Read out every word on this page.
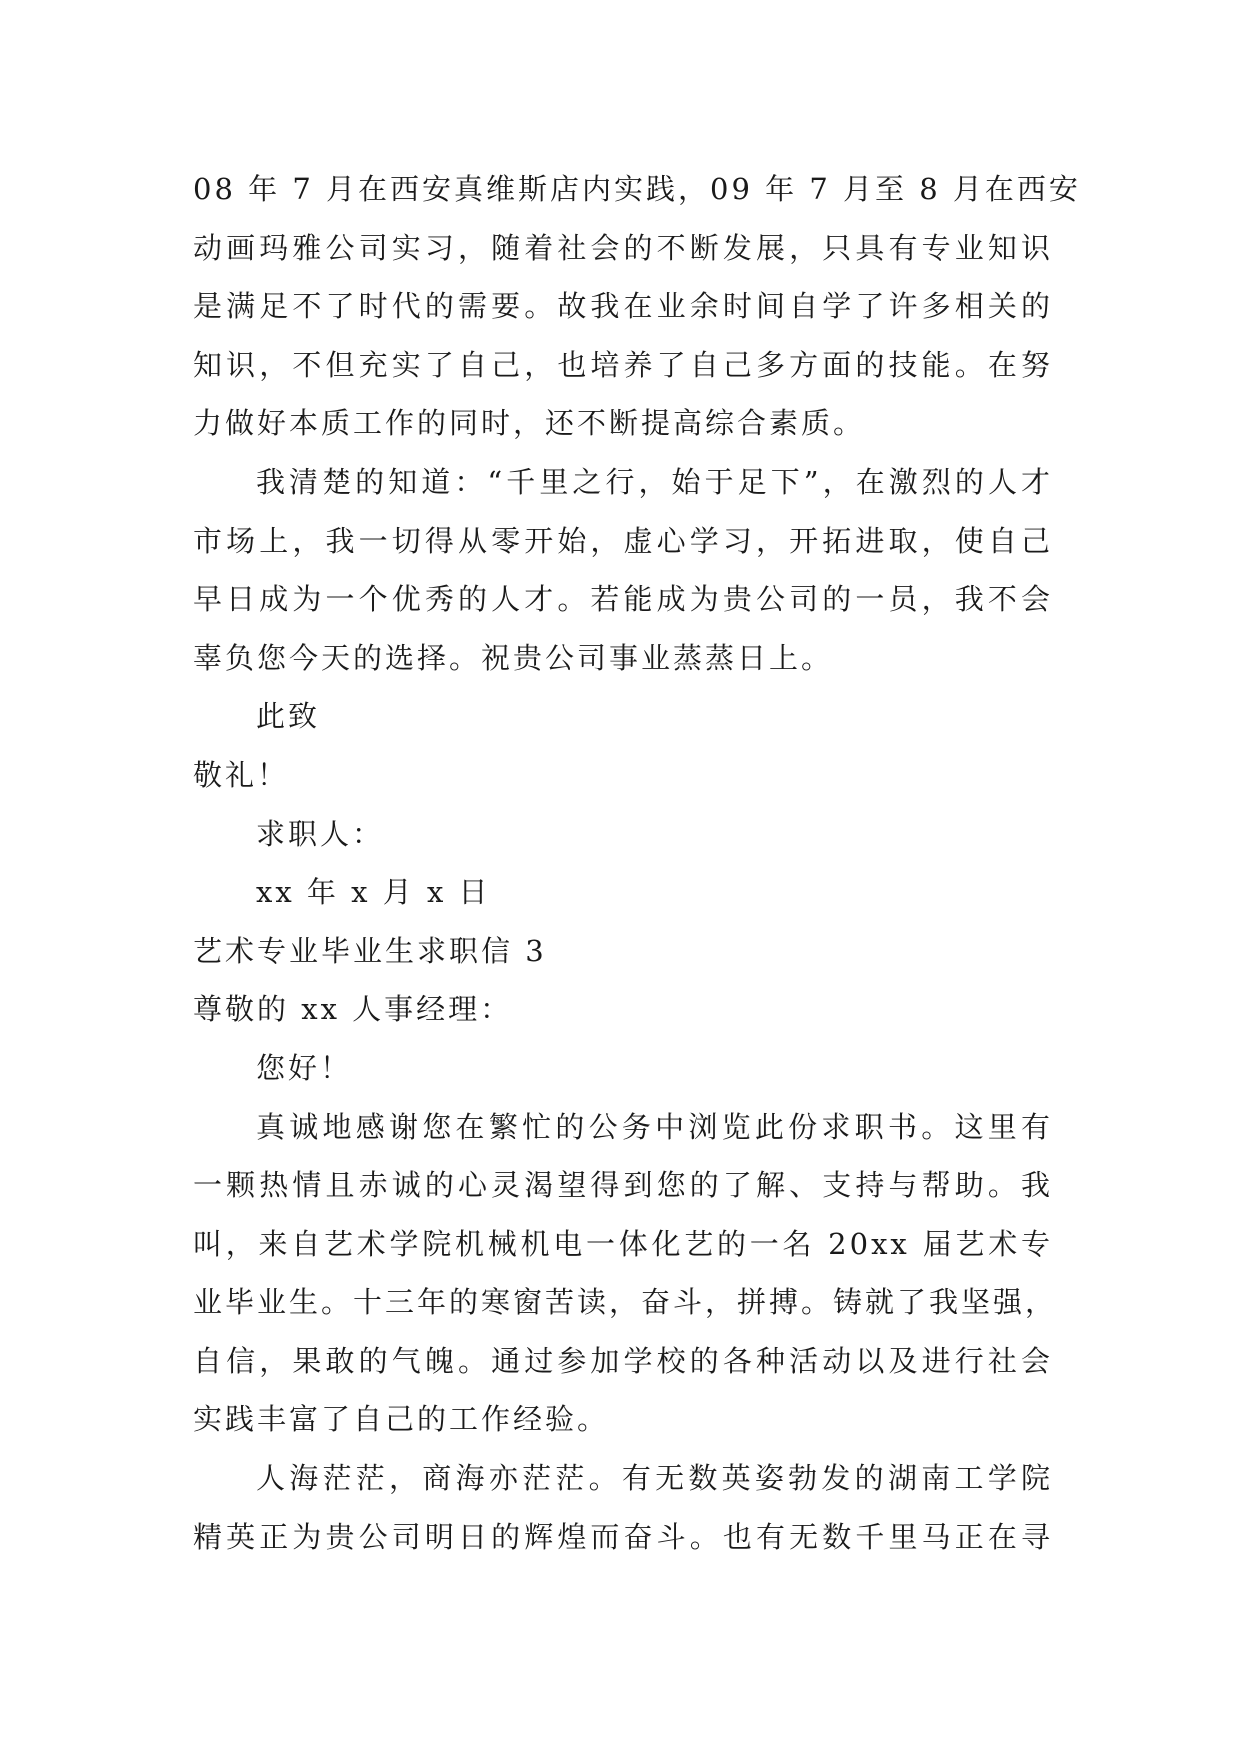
08 年 7 月在西安真维斯店内实践，09 年 7 月至 8 月在西安
动画玛雅公司实习，随着社会的不断发展，只具有专业知识
是满足不了时代的需要。故我在业余时间自学了许多相关的
知识，不但充实了自己，也培养了自己多方面的技能。在努
力做好本质工作的同时，还不断提高综合素质。
我清楚的知道：“千里之行，始于足下”，在激烈的人才
市场上，我一切得从零开始，虚心学习，开拓进取，使自己
早日成为一个优秀的人才。若能成为贵公司的一员，我不会
辜负您今天的选择。祝贵公司事业蒸蒸日上。
此致
敬礼！
求职人：
xx 年 x 月 x 日
艺术专业毕业生求职信 3
尊敬的 xx 人事经理：
您好！
真诚地感谢您在繁忙的公务中浏览此份求职书。这里有
一颗热情且赤诚的心灵渴望得到您的了解、支持与帮助。我
叫，来自艺术学院机械机电一体化艺的一名 20xx 届艺术专
业毕业生。十三年的寒窗苦读，奋斗，拼搏。铸就了我坚强，
自信，果敢的气魄。通过参加学校的各种活动以及进行社会
实践丰富了自己的工作经验。
人海茫茫，商海亦茫茫。有无数英姿勃发的湖南工学院
精英正为贵公司明日的辉煌而奋斗。也有无数千里马正在寻
